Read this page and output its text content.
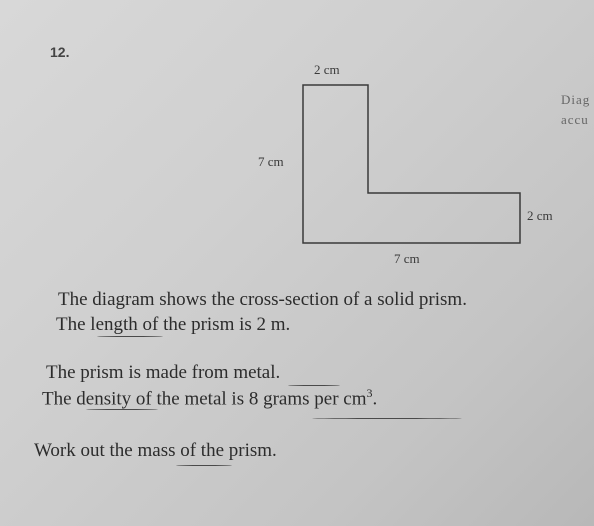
12.
2 cm
7 cm
2 cm
7 cm
Diag
accu
The diagram shows the cross-section of a solid prism.
The length of the prism is 2 m.
The prism is made from metal.
The density of the metal is 8 grams per $cm^3$.
Work out the mass of the prism.
